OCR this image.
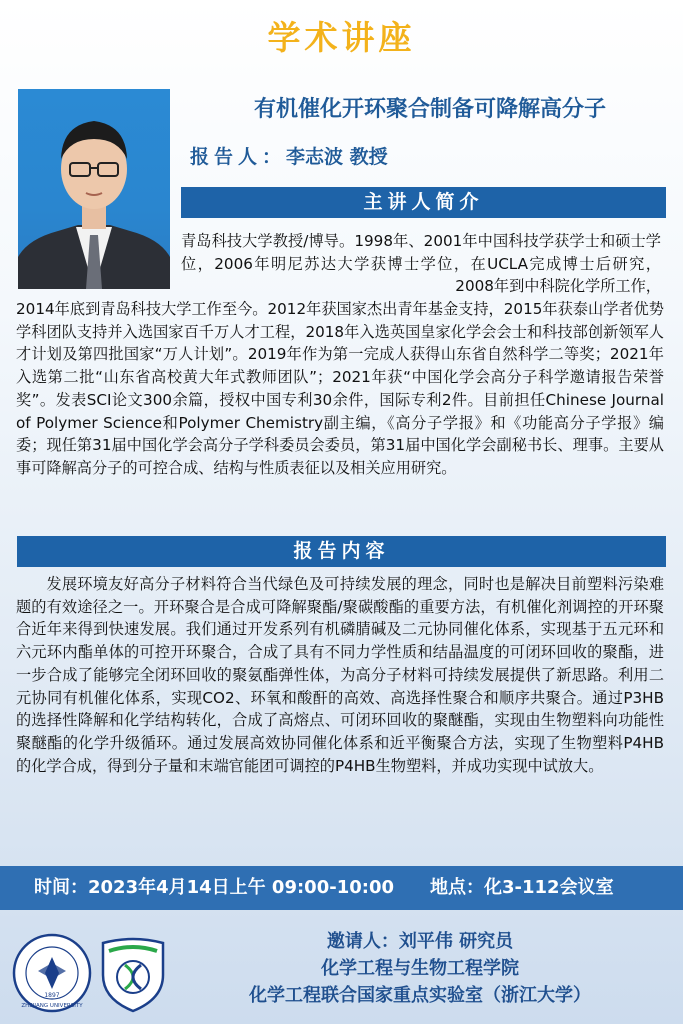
学术讲座
有机催化开环聚合制备可降解高分子
报告人：李志波 教授
主讲人简介
青岛科技大学教授/博导。1998年、2001年中国科技学获学士和硕士学位，2006年明尼苏达大学获博士学位，在UCLA完成博士后研究，2008年到中科院化学所工作，
2014年底到青岛科技大学工作至今。2012年获国家杰出青年基金支持，2015年获泰山学者优势学科团队支持并入选国家百千万人才工程，2018年入选英国皇家化学会会士和科技部创新领军人才计划及第四批国家“万人计划”。2019年作为第一完成人获得山东省自然科学二等奖；2021年入选第二批“山东省高校黄大年式教师团队”；2021年获“中国化学会高分子科学邀请报告荣誉奖”。发表SCI论文300余篇，授权中国专利30余件，国际专利2件。目前担任Chinese Journal of Polymer Science和Polymer Chemistry副主编，《高分子学报》和《功能高分子学报》编委；现任第31届中国化学会高分子学科委员会委员，第31届中国化学会副秘书长、理事。主要从事可降解高分子的可控合成、结构与性质表征以及相关应用研究。
报告内容
发展环境友好高分子材料符合当代绿色及可持续发展的理念，同时也是解决目前塑料污染难题的有效途径之一。开环聚合是合成可降解聚酯/聚碳酸酯的重要方法，有机催化剂调控的开环聚合近年来得到快速发展。我们通过开发系列有机磷腈碱及二元协同催化体系，实现基于五元环和六元环内酯单体的可控开环聚合，合成了具有不同力学性质和结晶温度的可闭环回收的聚酯，进一步合成了能够完全闭环回收的聚氨酯弹性体，为高分子材料可持续发展提供了新思路。利用二元协同有机催化体系，实现CO2、环氧和酸酐的高效、高选择性聚合和顺序共聚合。通过P3HB的选择性降解和化学结构转化，合成了高熔点、可闭环回收的聚醚酯，实现由生物塑料向功能性聚醚酯的化学升级循环。通过发展高效协同催化体系和近平衡聚合方法，实现了生物塑料P4HB的化学合成，得到分子量和末端官能团可调控的P4HB生物塑料，并成功实现中试放大。
时间：2023年4月14日上午 09:00-10:00 地点：化3-112会议室
ZHEJIANG UNIVERSITY
1897
邀请人：刘平伟 研究员
化学工程与生物工程学院
化学工程联合国家重点实验室（浙江大学）
